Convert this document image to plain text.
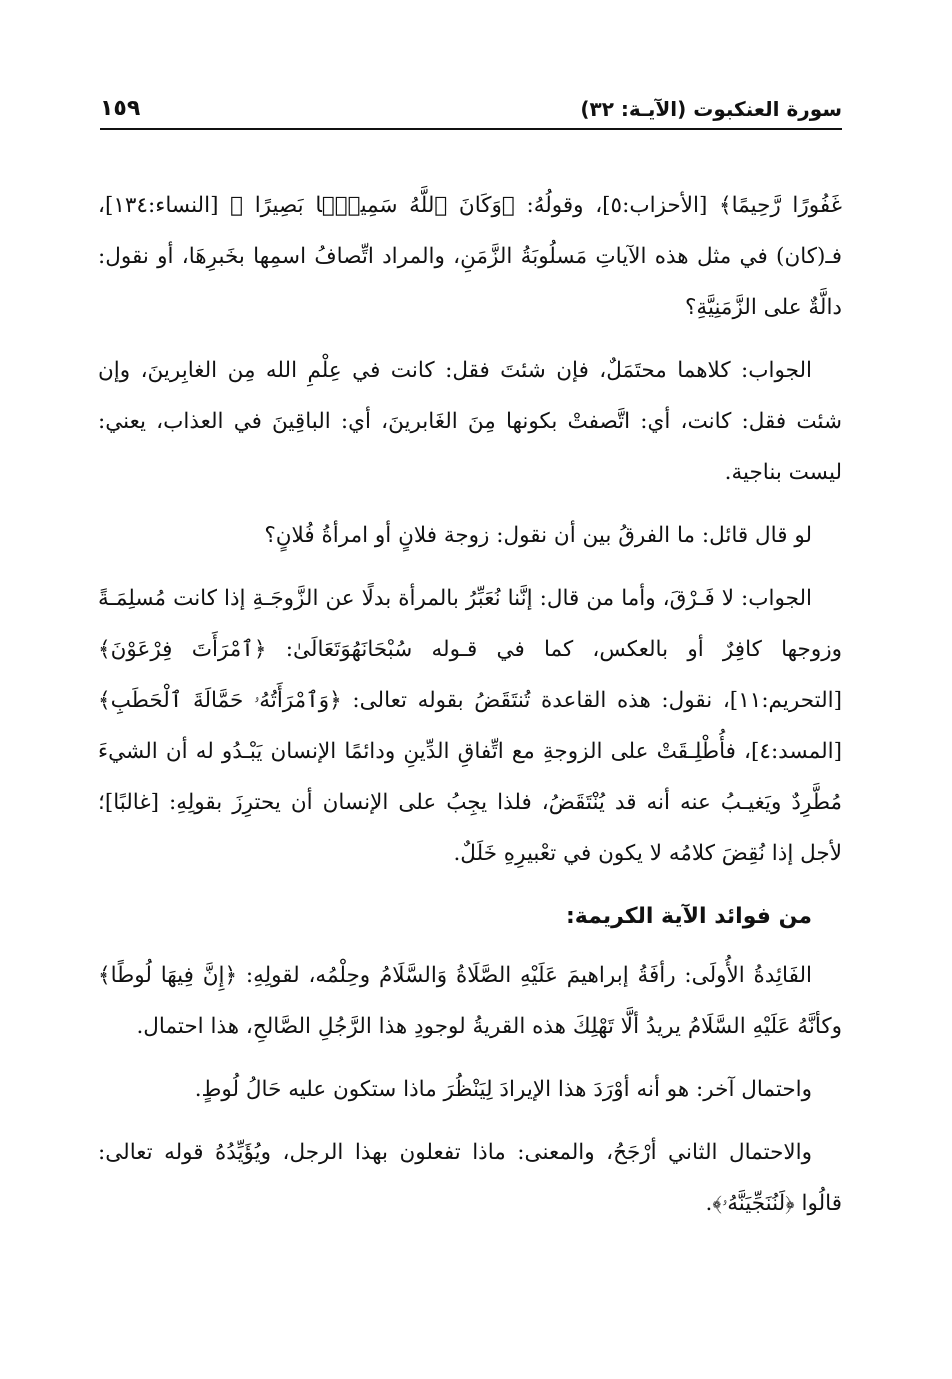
سورة العنكبوت (الآيـة: ٣٢)
١٥٩

غَفُورًا رَّحِيمًا﴾ [الأحزاب:٥]، وقولُهُ: ﴿وَكَانَ ٱللَّهُ سَمِيعًۢا بَصِيرًا ﴾ [النساء:١٣٤]، فـ(كان) في مثل هذه الآياتِ مَسلُوبَةُ الزَّمَنِ، والمراد اتِّصافُ اسمِها بخَبرِهَا، أو نقول: دالَّةٌ على الزَّمَنِيَّةِ؟

الجواب: كلاهما محتَمَلٌ، فإن شئتَ فقل: كانت في عِلْمِ الله مِن الغابِرينَ، وإن شئت فقل: كانت، أي: اتَّصفتْ بكونها مِنَ الغَابرينَ، أي: الباقِينَ في العذاب، يعني: ليست بناجية.

لو قال قائل: ما الفرقُ بين أن نقول: زوجة فلانٍ أو امرأةُ فُلانٍ؟

الجواب: لا فَـرْقَ، وأما من قال: إنَّنا نُعَبِّرُ بالمرأة بدلًا عن الزَّوجَـةِ إذا كانت مُسلِمَـةً وزوجها كافِرٌ أو بالعكس، كما في قـوله سُبْحَانَهُوَتَعَالَىٰ: ﴿ٱمْرَأَتَ فِرْعَوْنَ﴾ [التحريم:١١]، نقول: هذه القاعدة تُنتَقَضُ بقوله تعالى: ﴿وَٱمْرَأَتُهُۥ حَمَّالَةَ ٱلْحَطَبِ﴾ [المسد:٤]، فأُطْلِـقَتْ على الزوجةِ مع اتِّفاقِ الدِّينِ ودائمًا الإنسان يَبْـدُو له أن الشيءَ مُطَّرِدٌ ويَغيـبُ عنه أنه قد يُنْتَقَضُ، فلذا يجِبُ على الإنسان أن يحترِزَ بقولِهِ: [غالبًا]؛ لأجل إذا نُقِضَ كلامُه لا يكون في تعْبيرِهِ خَلَلٌ.

من فوائد الآية الكريمة:

الفَائِدةُ الأُولَى: رأفَةُ إبراهيمَ عَلَيْهِ الصَّلَاةُ وَالسَّلَامُ وحِلْمُه، لقولِهِ: ﴿إِنَّ فِيهَا لُوطًا﴾ وكأنَّهُ عَلَيْهِ السَّلَامُ يريدُ ألَّا تَهْلِكَ هذه القريةُ لوجودِ هذا الرَّجُلِ الصَّالحِ، هذا احتمال.

واحتمال آخر: هو أنه أوْرَدَ هذا الإيرادَ لِيَنْظُرَ ماذا ستكون عليه حَالُ لُوطٍ.

والاحتمال الثاني أرْجَحُ، والمعنى: ماذا تفعلون بهذا الرجل، ويُؤَيِّدُهُ قوله تعالى: قالُوا ﴿لَنُنَجِّيَنَّهُۥ﴾.
